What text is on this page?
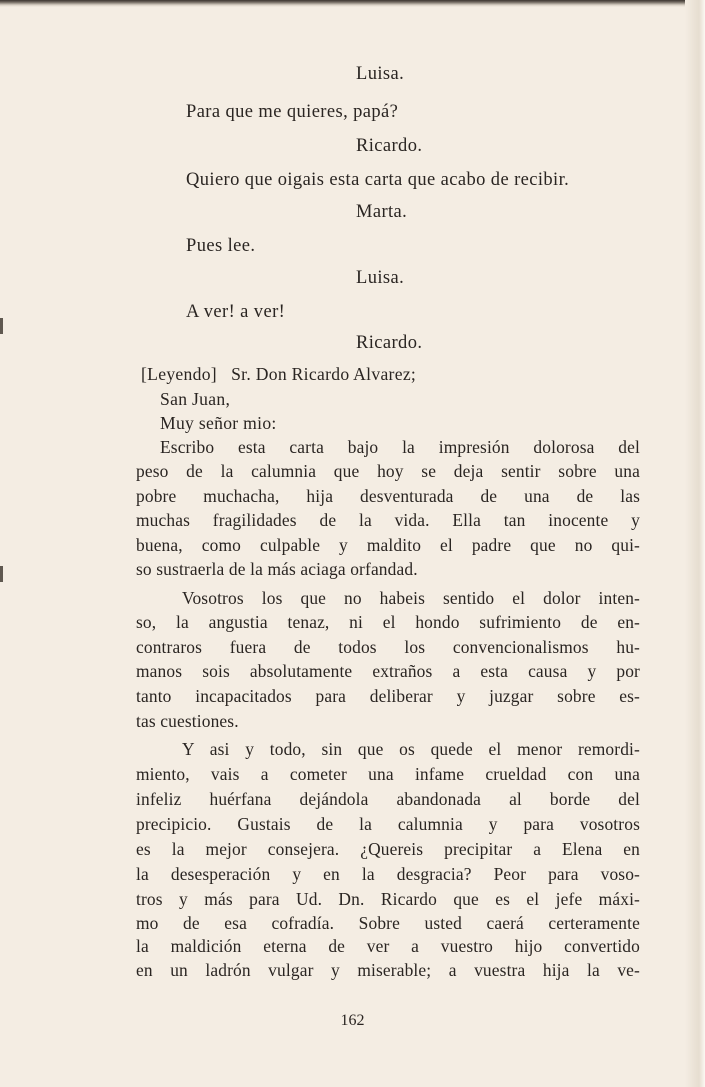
Luisa.
Para que me quieres, papá?
Ricardo.
Quiero que oigais esta carta que acabo de recibir.
Marta.
Pues lee.
Luisa.
A ver! a ver!
Ricardo.
[Leyendo]   Sr. Don Ricardo Alvarez;
San Juan,
Muy señor mio:
Escribo esta carta bajo la impresión dolorosa del
peso de la calumnia que hoy se deja sentir sobre una
pobre muchacha, hija desventurada de una de las
muchas fragilidades de la vida. Ella tan inocente y
buena, como culpable y maldito el padre que no qui-
so sustraerla de la más aciaga orfandad.
Vosotros los que no habeis sentido el dolor inten-
so, la angustia tenaz, ni el hondo sufrimiento de en-
contraros fuera de todos los convencionalismos hu-
manos sois absolutamente extraños a esta causa y por
tanto incapacitados para deliberar y juzgar sobre es-
tas cuestiones.
Y asi y todo, sin que os quede el menor remordi-
miento, vais a cometer una infame crueldad con una
infeliz huérfana dejándola abandonada al borde del
precipicio. Gustais de la calumnia y para vosotros
es la mejor consejera. ¿Quereis precipitar a Elena en
la desesperación y en la desgracia? Peor para voso-
tros y más para Ud. Dn. Ricardo que es el jefe máxi-
mo de esa cofradía. Sobre usted caerá certeramente
la maldición eterna de ver a vuestro hijo convertido
en un ladrón vulgar y miserable; a vuestra hija la ve-
162
